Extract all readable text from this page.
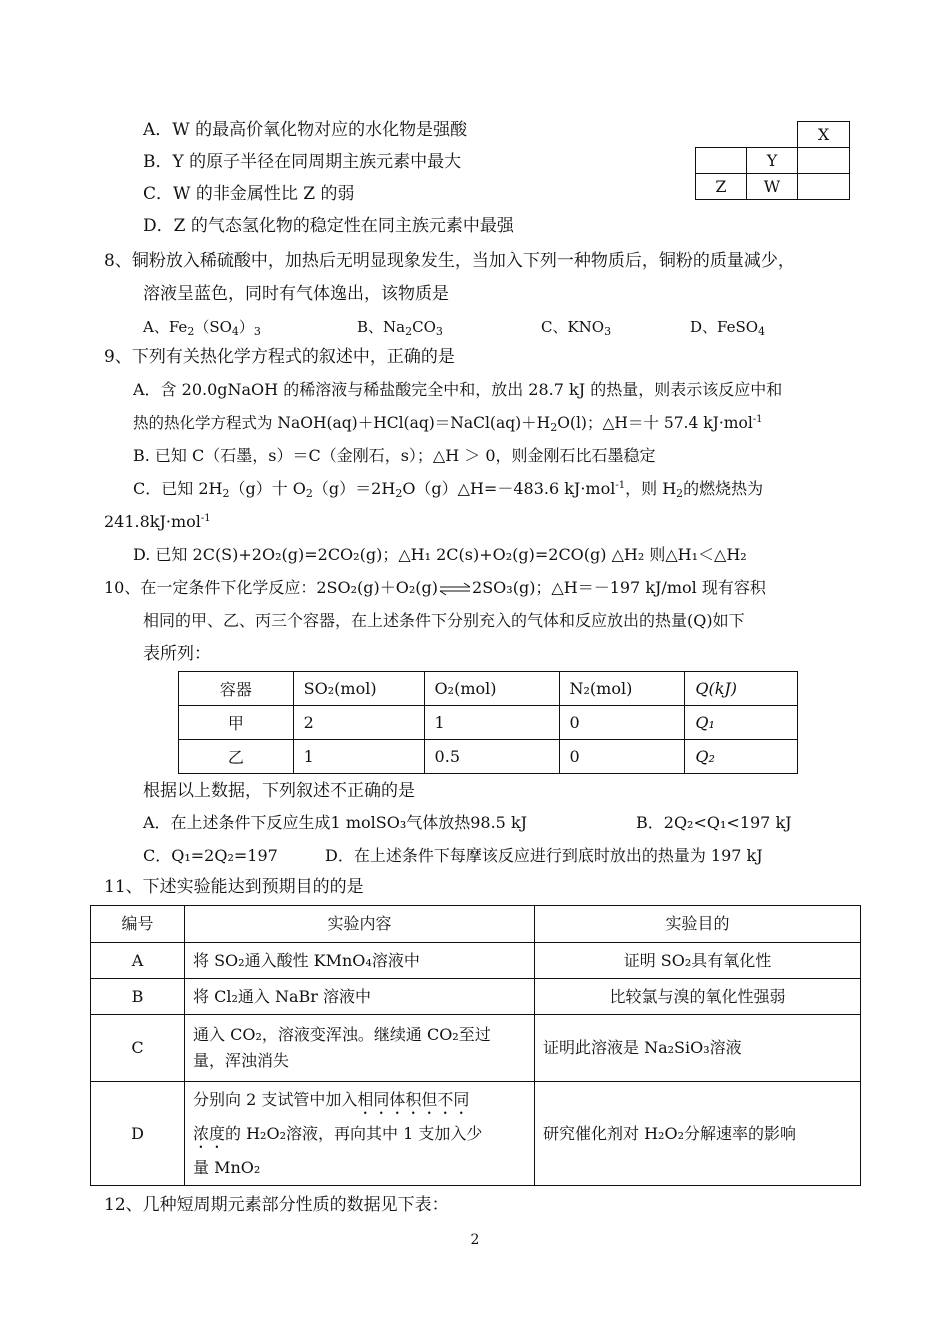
A．W 的最高价氧化物对应的水化物是强酸
B．Y 的原子半径在同周期主族元素中最大
C．W 的非金属性比 Z 的弱
D．Z 的气态氢化物的稳定性在同主族元素中最强
		X
	Y	
Z	W	
8、铜粉放入稀硫酸中，加热后无明显现象发生，当加入下列一种物质后，铜粉的质量减少，
溶液呈蓝色，同时有气体逸出，该物质是
A、$Fe_2(SO_4)_3$	B、$Na_2CO_3$	C、$KNO_3$	D、FeSO$_4$
9、下列有关热化学方程式的叙述中，正确的是
A．含 20.0gNaOH 的稀溶液与稀盐酸完全中和，放出 28.7 kJ 的热量，则表示该反应中和
热的热化学方程式为 $NaOH(aq)+HCl(aq)=NaCl(aq)+H_2O(l)$；△H＝十 57.4 kJ·mol$^{-1}$
B. 已知 C（石墨，s）＝C（金刚石，s）；△H ＞ 0，则金刚石比石墨稳定
C．已知 $2H_2(g)$十 $O_2(g)=2H_2O(g)\triangle H=-483.6$ kJ·mol$^{-1}$，则 $H_2$的燃烧热为
241.8kJ·mol$^{-1}$
D. 已知 2C(S)+2O₂(g)=2CO₂(g)；△H₁ 2C(s)+O₂(g)=2CO(g) △H₂ 则△H₁＜△H₂
10、在一定条件下化学反应：2SO₂(g)＋O₂(g)⇌2SO₃(g)；△H＝－197 kJ/mol 现有容积
相同的甲、乙、丙三个容器，在上述条件下分别充入的气体和反应放出的热量(Q)如下
表所列：
容器	SO₂(mol)	O₂(mol)	N₂(mol)	Q(kJ)
甲	2	1	0	Q₁
乙	1	0.5	0	Q₂
根据以上数据，下列叙述不正确的是
A．在上述条件下反应生成1 molSO₃气体放热98.5 kJ	B．2Q₂<Q₁<197 kJ
C．Q₁=2Q₂=197	D．在上述条件下每摩该反应进行到底时放出的热量为 197 kJ
11、下述实验能达到预期目的的是
编号	实验内容	实验目的
A	将 SO₂通入酸性 KMnO₄溶液中	证明 SO₂具有氧化性
B	将 Cl₂通入 NaBr 溶液中	比较氯与溴的氧化性强弱
C	通入 CO₂，溶液变浑浊。继续通 CO₂至过
量，浑浊消失	证明此溶液是 Na₂SiO₃溶液
D	分别向 2 支试管中加入相同体积但不同
浓度的 H₂O₂溶液，再向其中 1 支加入少
量 MnO₂	研究催化剂对 H₂O₂分解速率的影响
12、几种短周期元素部分性质的数据见下表：
2
